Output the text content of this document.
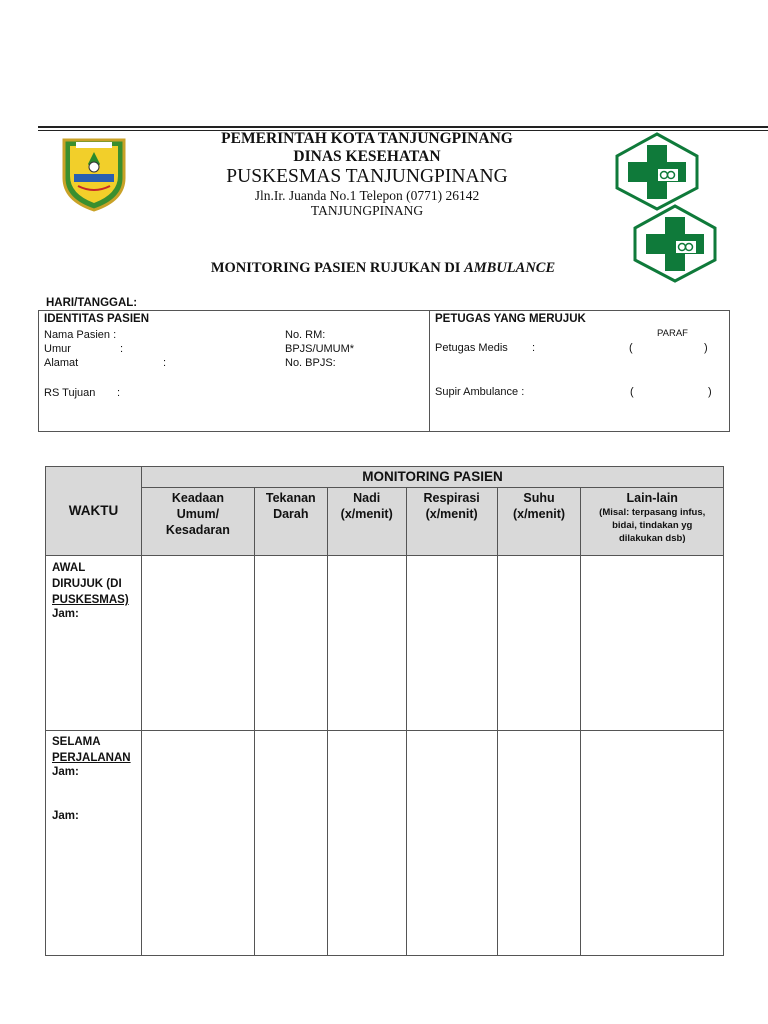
PEMERINTAH KOTA TANJUNGPINANG
DINAS KESEHATAN
PUSKESMAS TANJUNGPINANG
Jln.Ir. Juanda No.1 Telepon (0771) 26142
TANJUNGPINANG
MONITORING PASIEN RUJUKAN DI AMBULANCE
HARI/TANGGAL:
IDENTITAS PASIEN
Nama Pasien :
Umur	:
Alamat	:
RS Tujuan :
No. RM:
BPJS/UMUM*
No. BPJS:
PETUGAS YANG MERUJUK
PARAF
Petugas Medis :	(	)
Supir Ambulance :	(	)
WAKTU	MONITORING PASIEN					
	Keadaan Umum/ Kesadaran	Tekanan Darah	Nadi (x/menit)	Respirasi (x/menit)	Suhu (x/menit)	Lain-lain
(Misal: terpasang infus, bidai, tindakan yg dilakukan dsb)

AWAL
DIRUJUK (DI
PUSKESMAS)
Jam:						

SELAMA
PERJALANAN
Jam:
Jam:						
